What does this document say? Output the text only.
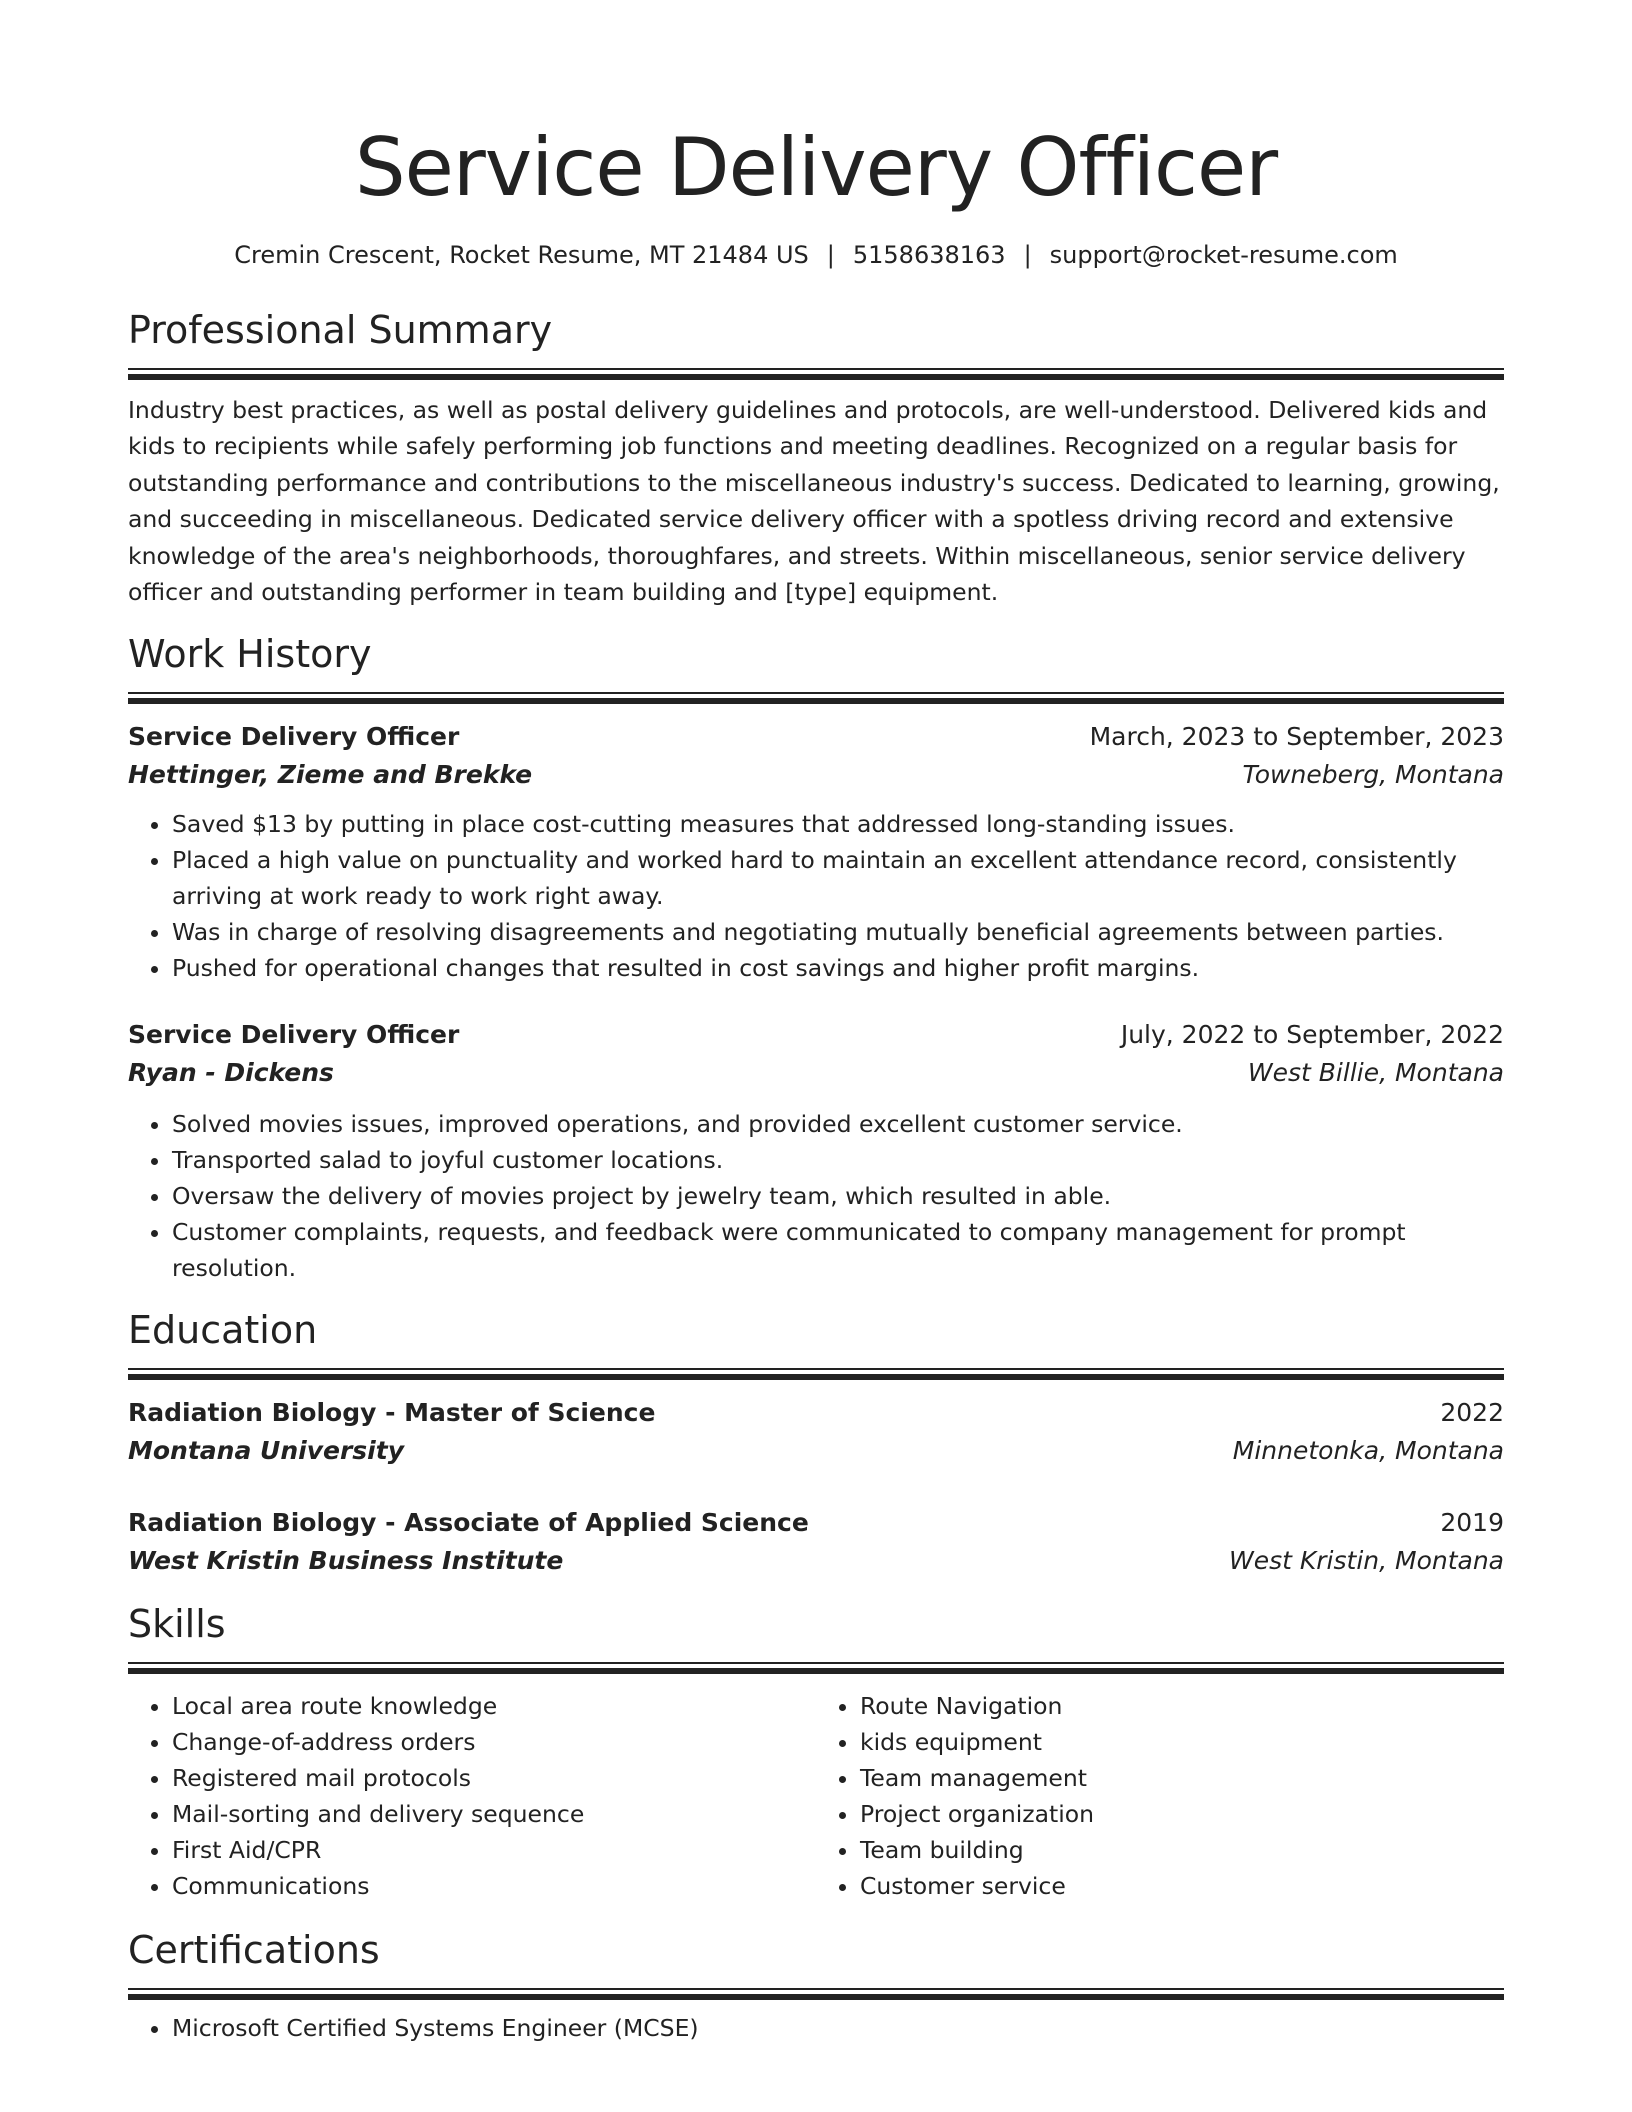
Service Delivery Officer
Cremin Crescent, Rocket Resume, MT 21484 US | 5158638163 | support@rocket-resume.com
Professional Summary

Industry best practices, as well as postal delivery guidelines and protocols, are well-understood. Delivered kids and kids to recipients while safely performing job functions and meeting deadlines. Recognized on a regular basis for outstanding performance and contributions to the miscellaneous industry's success. Dedicated to learning, growing, and succeeding in miscellaneous. Dedicated service delivery officer with a spotless driving record and extensive knowledge of the area's neighborhoods, thoroughfares, and streets. Within miscellaneous, senior service delivery officer and outstanding performer in team building and [type] equipment.

Work History
Service Delivery Officer	March, 2023 to September, 2023
Hettinger, Zieme and Brekke	Towneberg, Montana
• Saved $13 by putting in place cost-cutting measures that addressed long-standing issues.
• Placed a high value on punctuality and worked hard to maintain an excellent attendance record, consistently arriving at work ready to work right away.
• Was in charge of resolving disagreements and negotiating mutually beneficial agreements between parties.
• Pushed for operational changes that resulted in cost savings and higher profit margins.
Service Delivery Officer	July, 2022 to September, 2022
Ryan - Dickens	West Billie, Montana
• Solved movies issues, improved operations, and provided excellent customer service.
• Transported salad to joyful customer locations.
• Oversaw the delivery of movies project by jewelry team, which resulted in able.
• Customer complaints, requests, and feedback were communicated to company management for prompt resolution.
Education
Radiation Biology - Master of Science	2022
Montana University	Minnetonka, Montana
Radiation Biology - Associate of Applied Science	2019
West Kristin Business Institute	West Kristin, Montana
Skills
• Local area route knowledge
• Change-of-address orders
• Registered mail protocols
• Mail-sorting and delivery sequence
• First Aid/CPR
• Communications
• Route Navigation
• kids equipment
• Team management
• Project organization
• Team building
• Customer service
Certifications
• Microsoft Certified Systems Engineer (MCSE)
